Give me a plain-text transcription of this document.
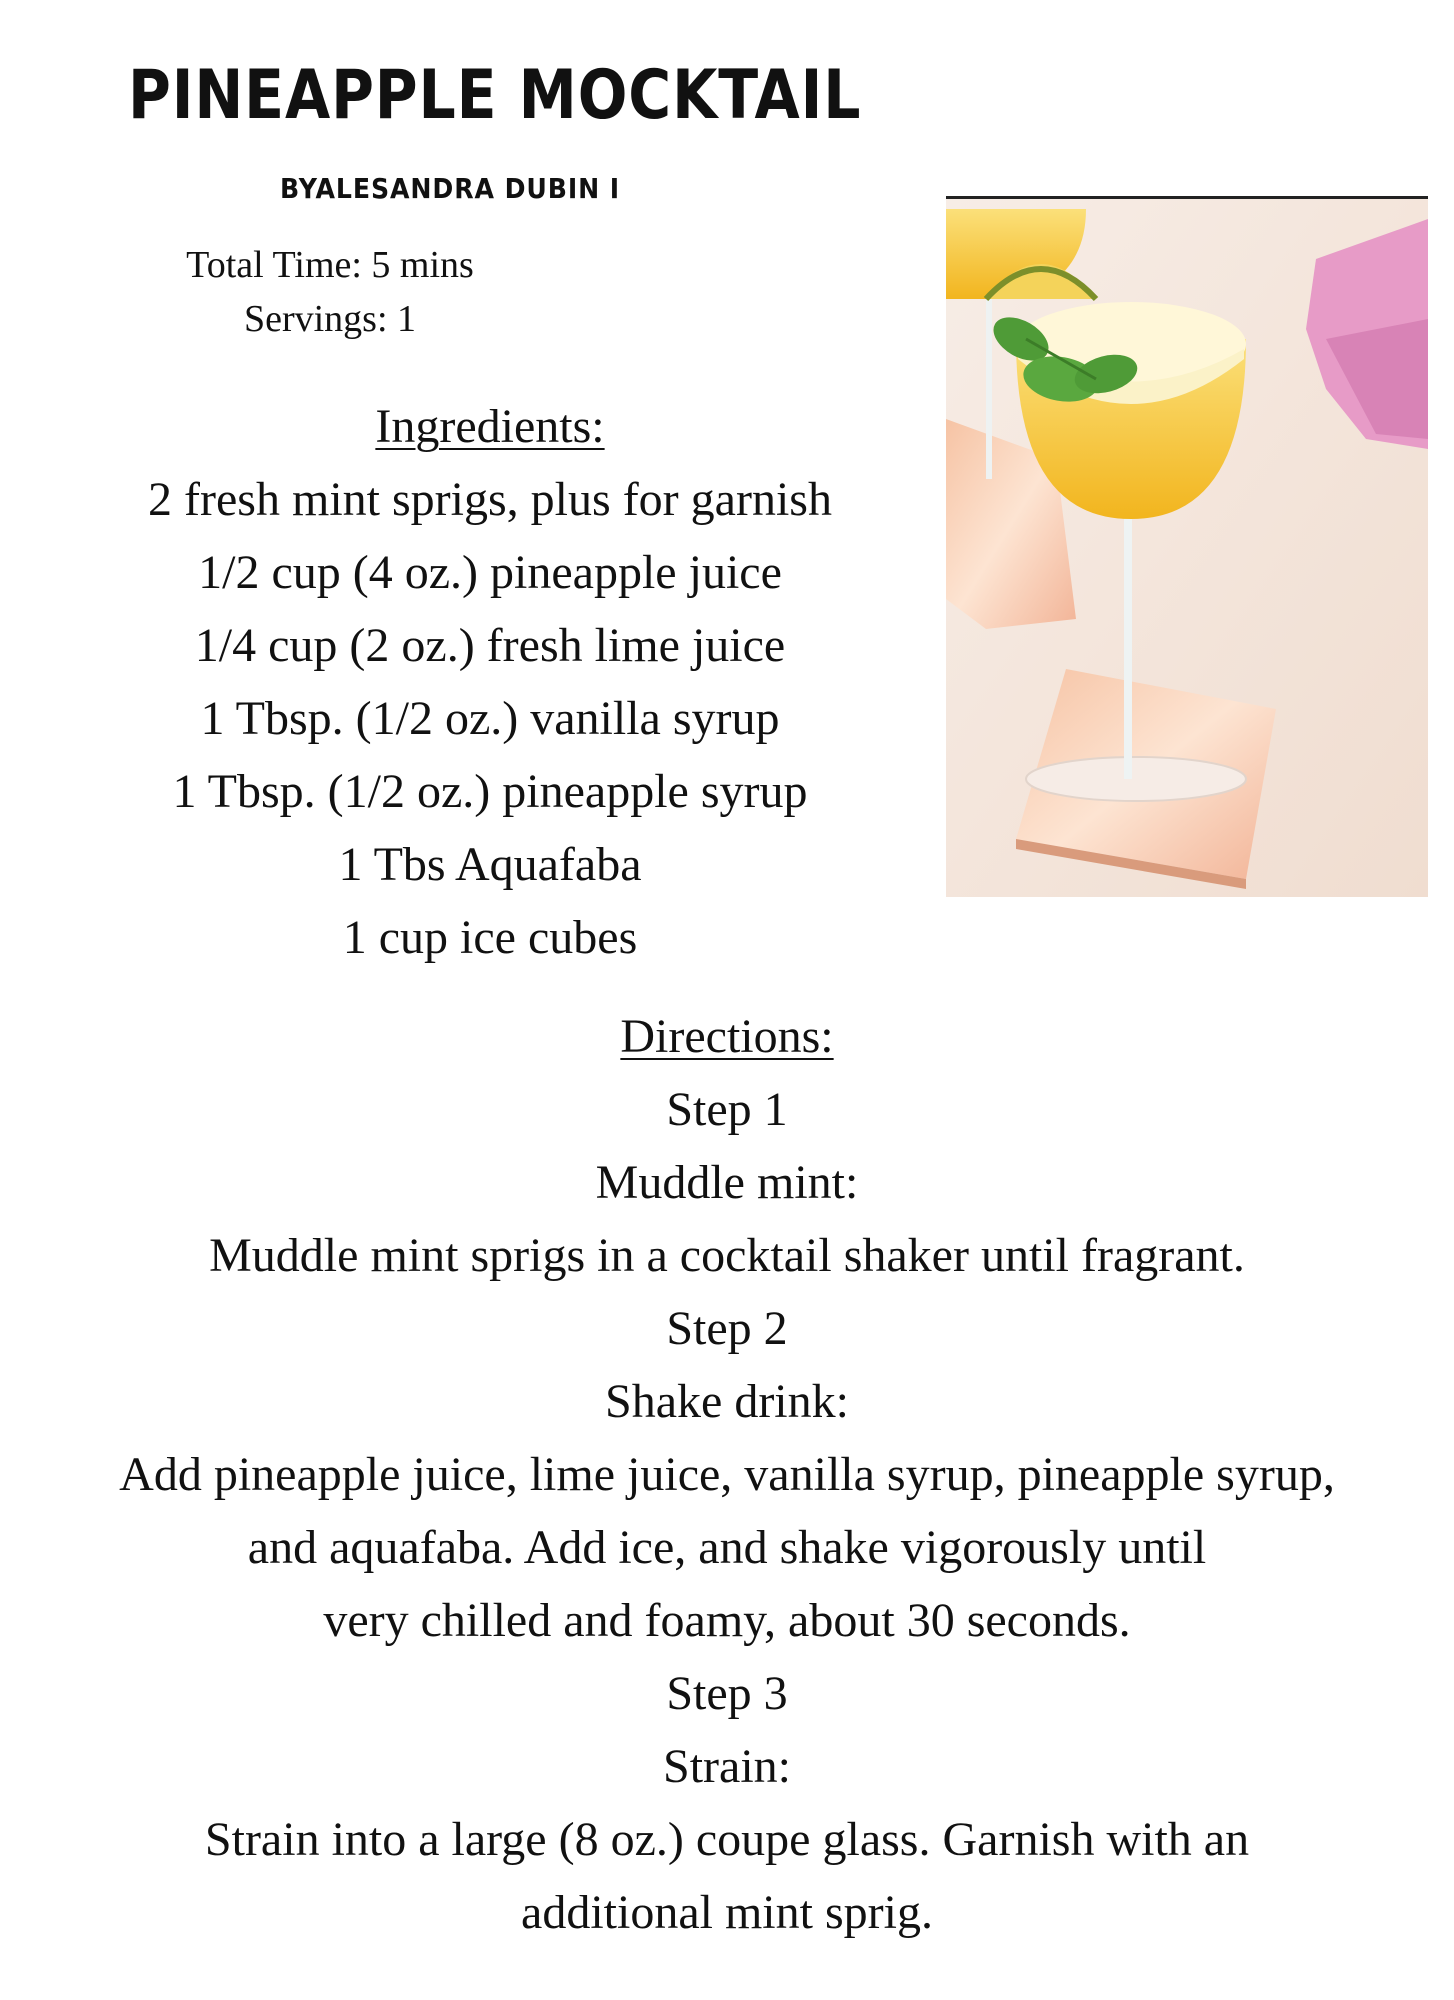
PINEAPPLE MOCKTAIL
BYALESANDRA DUBIN I
Total Time: 5 mins
Servings: 1
Ingredients:
2 fresh mint sprigs, plus for garnish
1/2 cup (4 oz.) pineapple juice
1/4 cup (2 oz.) fresh lime juice
1 Tbsp. (1/2 oz.) vanilla syrup
1 Tbsp. (1/2 oz.) pineapple syrup
1 Tbs Aquafaba
1 cup ice cubes
Directions:
Step 1
Muddle mint:
Muddle mint sprigs in a cocktail shaker until fragrant.
Step 2
Shake drink:
Add pineapple juice, lime juice, vanilla syrup, pineapple syrup,
and aquafaba. Add ice, and shake vigorously until
very chilled and foamy, about 30 seconds.
Step 3
Strain:
Strain into a large (8 oz.) coupe glass. Garnish with an
additional mint sprig.
